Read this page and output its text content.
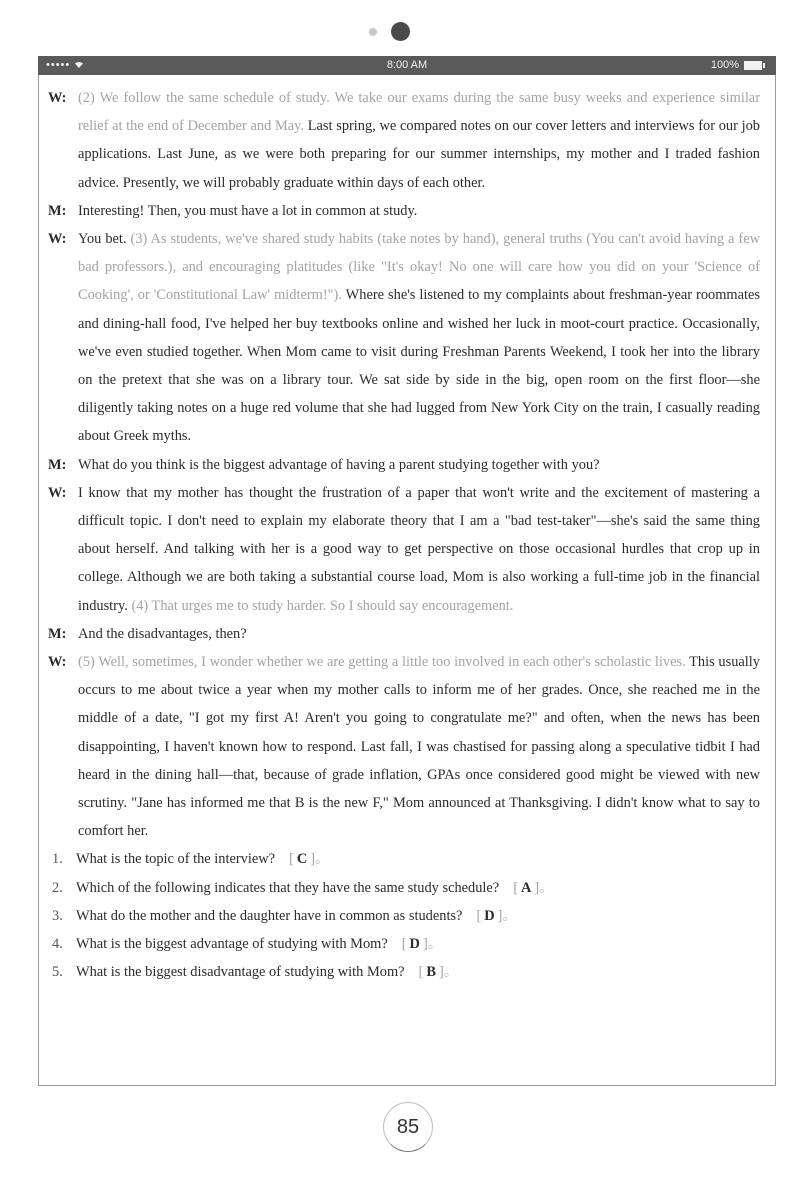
•••••	8:00 AM	100%
W: (2) We follow the same schedule of study. We take our exams during the same busy weeks and experience similar relief at the end of December and May. Last spring, we compared notes on our cover letters and interviews for our job applications. Last June, as we were both preparing for our summer internships, my mother and I traded fashion advice. Presently, we will probably graduate within days of each other.
M: Interesting! Then, you must have a lot in common at study.
W: You bet. (3) As students, we've shared study habits (take notes by hand), general truths (You can't avoid having a few bad professors.), and encouraging platitudes (like "It's okay! No one will care how you did on your 'Science of Cooking', or 'Constitutional Law' midterm!"). Where she's listened to my complaints about freshman-year roommates and dining-hall food, I've helped her buy textbooks online and wished her luck in moot-court practice. Occasionally, we've even studied together. When Mom came to visit during Freshman Parents Weekend, I took her into the library on the pretext that she was on a library tour. We sat side by side in the big, open room on the first floor—she diligently taking notes on a huge red volume that she had lugged from New York City on the train, I casually reading about Greek myths.
M: What do you think is the biggest advantage of having a parent studying together with you?
W: I know that my mother has thought the frustration of a paper that won't write and the excitement of mastering a difficult topic. I don't need to explain my elaborate theory that I am a "bad test-taker"—she's said the same thing about herself. And talking with her is a good way to get perspective on those occasional hurdles that crop up in college. Although we are both taking a substantial course load, Mom is also working a full-time job in the financial industry. (4) That urges me to study harder. So I should say encouragement.
M: And the disadvantages, then?
W: (5) Well, sometimes, I wonder whether we are getting a little too involved in each other's scholastic lives. This usually occurs to me about twice a year when my mother calls to inform me of her grades. Once, she reached me in the middle of a date, "I got my first A! Aren't you going to congratulate me?" and often, when the news has been disappointing, I haven't known how to respond. Last fall, I was chastised for passing along a speculative tidbit I had heard in the dining hall—that, because of grade inflation, GPAs once considered good might be viewed with new scrutiny. "Jane has informed me that B is the new F," Mom announced at Thanksgiving. I didn't know what to say to comfort her.
1. What is the topic of the interview? [ C ]。
2. Which of the following indicates that they have the same study schedule? [ A ]。
3. What do the mother and the daughter have in common as students? [ D ]。
4. What is the biggest advantage of studying with Mom? [ D ]。
5. What is the biggest disadvantage of studying with Mom? [ B ]。
85
